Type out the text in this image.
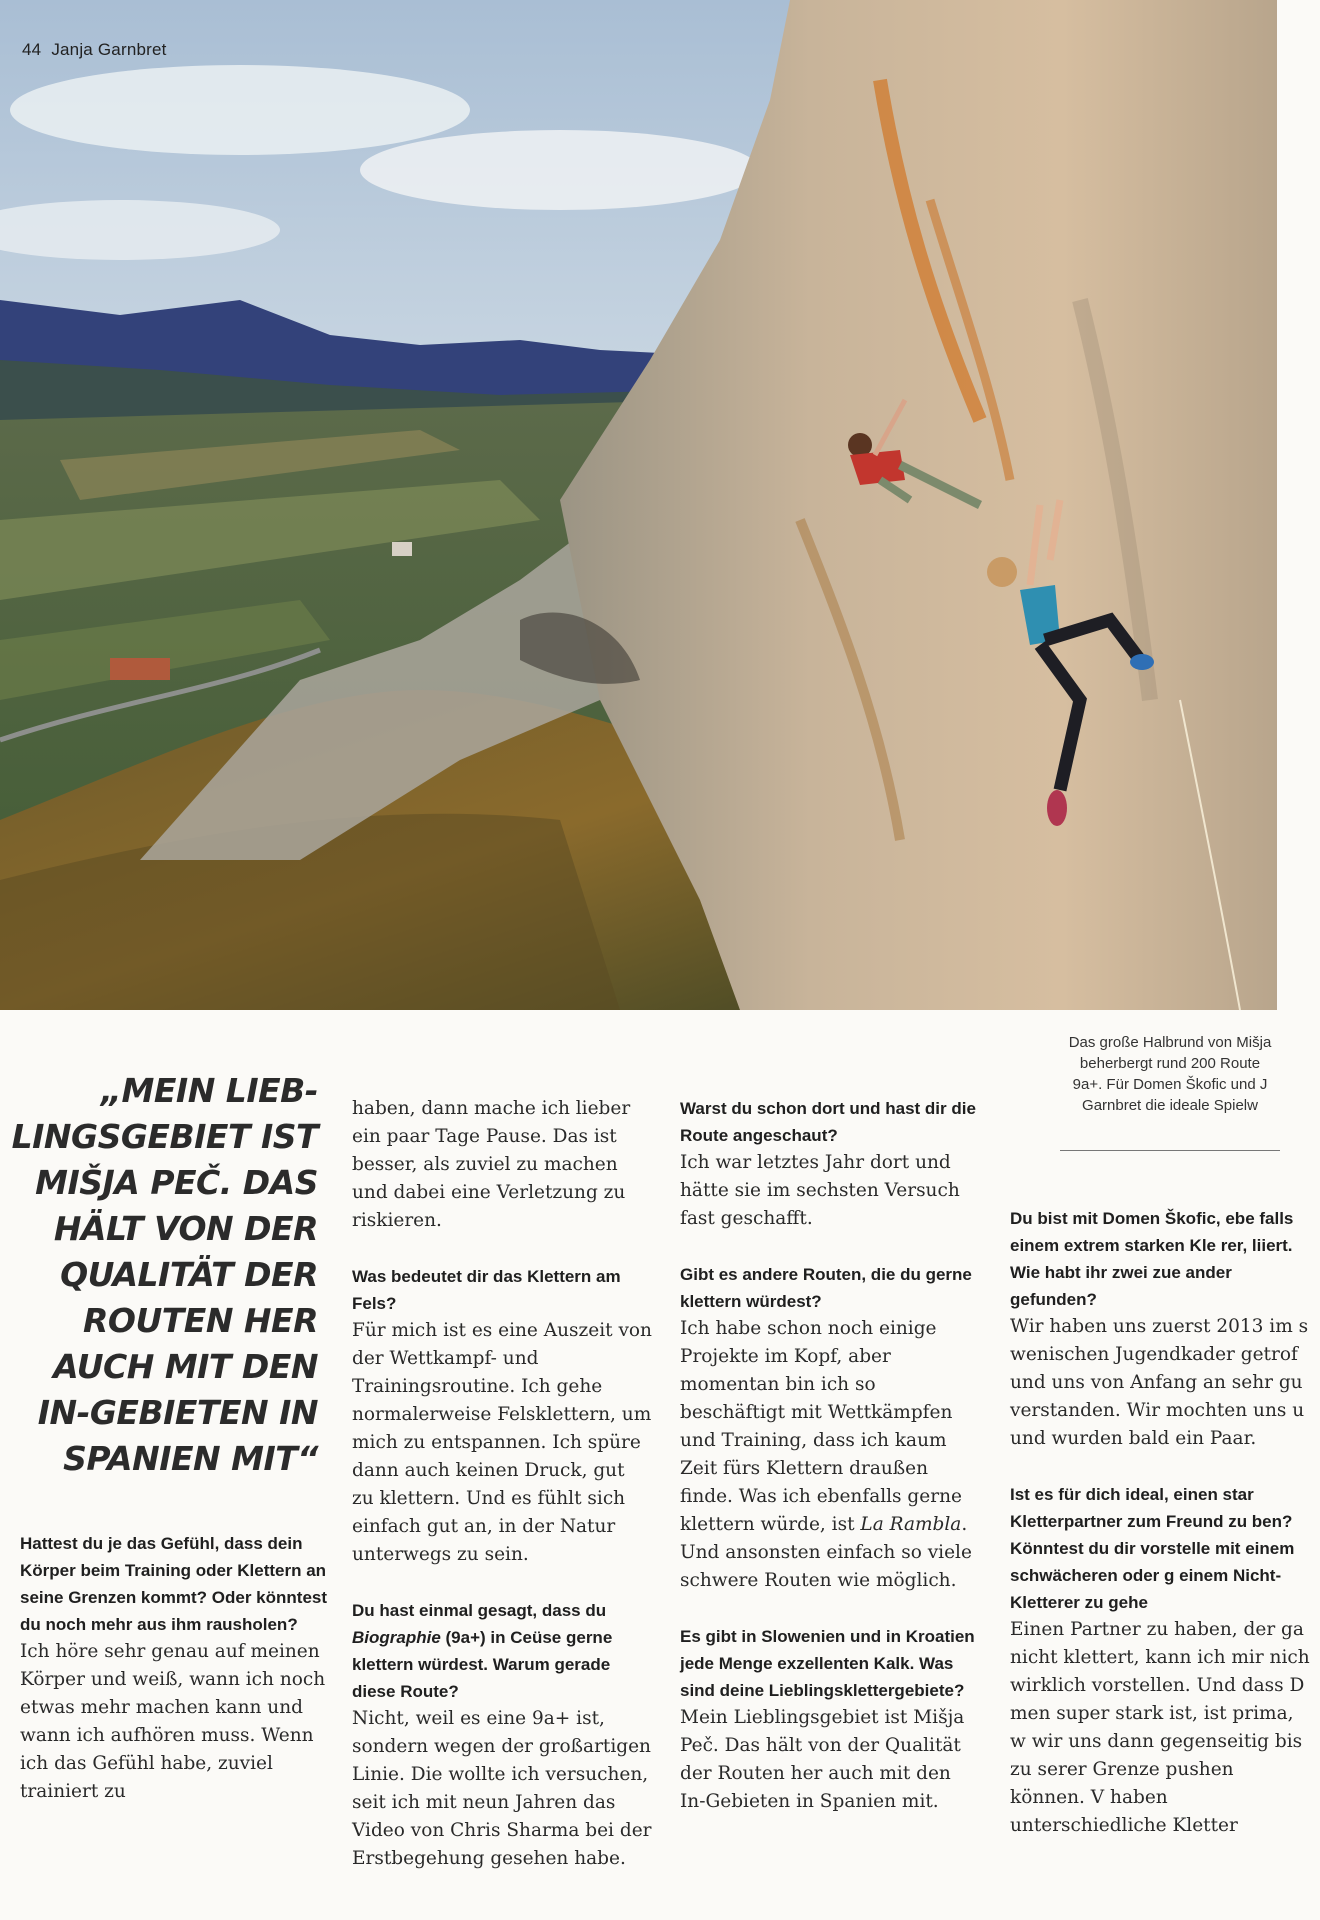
44 Janja Garnbret
Das große Halbrund von Mišja
beherbergt rund 200 Route
9a+. Für Domen Škofic und J
Garnbret die ideale Spielw
„MEIN LIEB-
LINGSGEBIET IST
MIŠJA PEČ. DAS
HÄLT VON DER
QUALITÄT DER
ROUTEN HER
AUCH MIT DEN
IN-GEBIETEN IN
SPANIEN MIT“

Hattest du je das Gefühl, dass dein Körper beim Training oder Klettern an seine Grenzen kommt? Oder könntest du noch mehr aus ihm rausholen?
Ich höre sehr genau auf meinen Körper und weiß, wann ich noch etwas mehr machen kann und wann ich aufhören muss. Wenn ich das Gefühl habe, zuviel trainiert zu

haben, dann mache ich lieber ein paar Tage Pause. Das ist besser, als zuviel zu machen und dabei eine Verletzung zu riskieren.

Was bedeutet dir das Klettern am Fels?
Für mich ist es eine Auszeit von der Wettkampf- und Trainingsroutine. Ich gehe normalerweise Felsklettern, um mich zu entspannen. Ich spüre dann auch keinen Druck, gut zu klettern. Und es fühlt sich einfach gut an, in der Natur unterwegs zu sein.

Du hast einmal gesagt, dass du Biographie (9a+) in Ceüse gerne klettern würdest. Warum gerade diese Route?
Nicht, weil es eine 9a+ ist, sondern wegen der großartigen Linie. Die wollte ich versuchen, seit ich mit neun Jahren das Video von Chris Sharma bei der Erstbegehung gesehen habe.

Warst du schon dort und hast dir die Route angeschaut?
Ich war letztes Jahr dort und hätte sie im sechsten Versuch fast geschafft.

Gibt es andere Routen, die du gerne klettern würdest?
Ich habe schon noch einige Projekte im Kopf, aber momentan bin ich so beschäftigt mit Wettkämpfen und Training, dass ich kaum Zeit fürs Klettern draußen finde. Was ich ebenfalls gerne klettern würde, ist La Rambla. Und ansonsten einfach so viele schwere Routen wie möglich.

Es gibt in Slowenien und in Kroatien jede Menge exzellenten Kalk. Was sind deine Lieblingsklettergebiete?
Mein Lieblingsgebiet ist Mišja Peč. Das hält von der Qualität der Routen her auch mit den In-Gebieten in Spanien mit.

Du bist mit Domen Škofic, ebe falls einem extrem starken Kle rer, liiert. Wie habt ihr zwei zue ander gefunden?
Wir haben uns zuerst 2013 im s wenischen Jugendkader getrof und uns von Anfang an sehr gu verstanden. Wir mochten uns u und wurden bald ein Paar.

Ist es für dich ideal, einen star Kletterpartner zum Freund zu ben? Könntest du dir vorstelle mit einem schwächeren oder g einem Nicht-Kletterer zu gehe
Einen Partner zu haben, der ga nicht klettert, kann ich mir nich wirklich vorstellen. Und dass D men super stark ist, ist prima, w wir uns dann gegenseitig bis zu serer Grenze pushen können. V haben unterschiedliche Kletter
